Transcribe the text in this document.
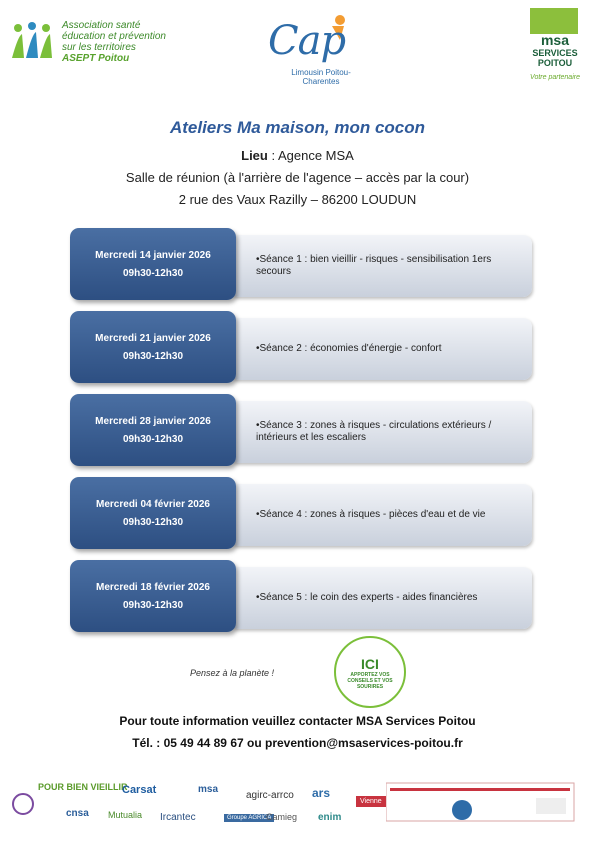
Association santé
éducation et prévention
sur les territoires
ASEPT Poitou	Cap
Limousin Poitou-Charentes
msa
SERVICES POITOU
Votre partenaire
Ateliers Ma maison, mon cocon
Lieu : Agence MSA
Salle de réunion (à l'arrière de l'agence – accès par la cour)
2 rue des Vaux Razilly – 86200 LOUDUN
Mercredi 14 janvier 2026
09h30-12h30
•Séance 1 : bien vieillir - risques - sensibilisation 1ers secours
Mercredi 21 janvier 2026
09h30-12h30
•Séance 2 : économies d'énergie - confort
Mercredi 28 janvier 2026
09h30-12h30
•Séance 3 : zones à risques - circulations extérieurs / intérieurs et les escaliers
Mercredi 04 février 2026
09h30-12h30
•Séance 4 : zones à risques - pièces d'eau et de vie
Mercredi 18 février 2026
09h30-12h30
•Séance 5 : le coin des experts - aides financières
Pensez à la planète !
ICI
APPORTEZ VOS CONSEILS ET VOS SOURIRES
Pour toute information veuillez contacter MSA Services Poitou
Tél. : 05 49 44 89 67 ou prevention@msaservices-poitou.fr
POUR BIEN VIEILLIR
cnsa
Carsat	msa
agirc-arrco ars
Vienne
Mutualia Ircantec	Groupe AGRICA
Camieg enim
